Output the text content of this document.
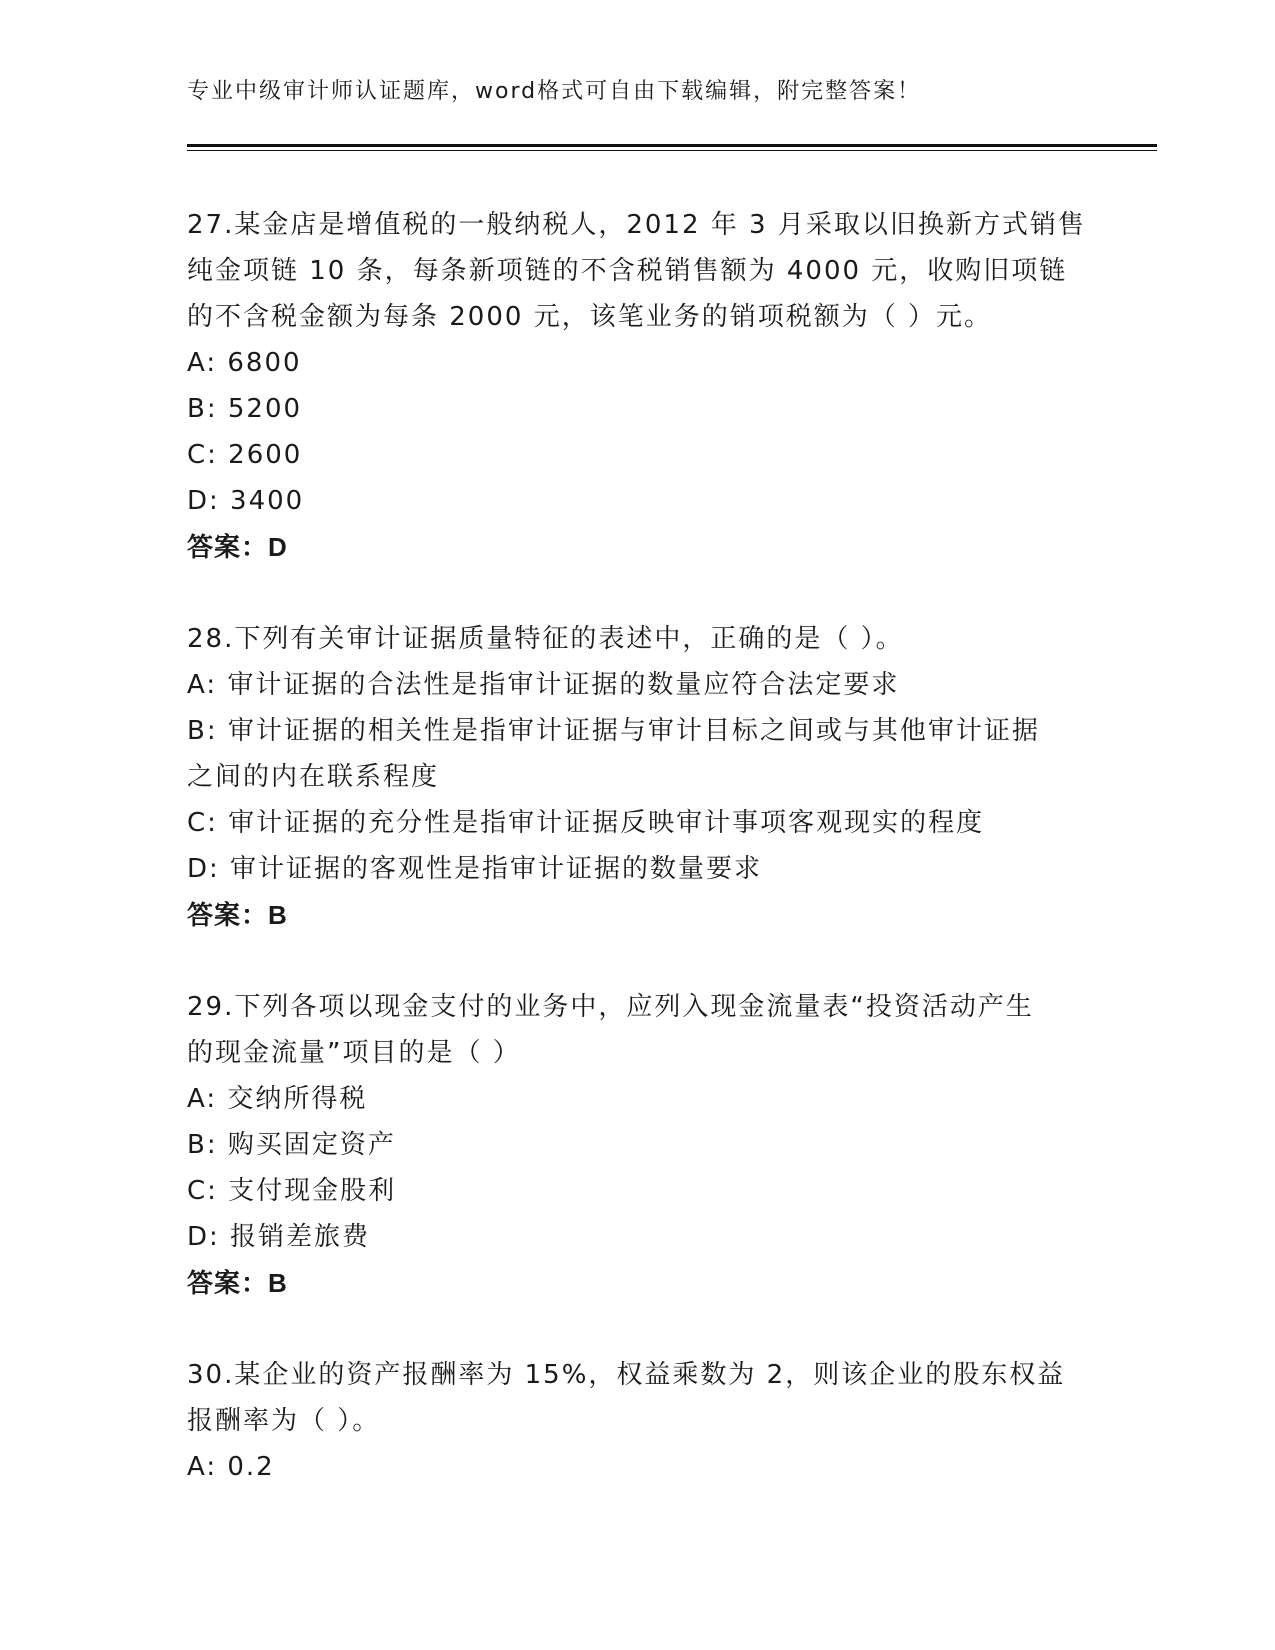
专业中级审计师认证题库，word格式可自由下载编辑，附完整答案！
27.某金店是增值税的一般纳税人，2012 年 3 月采取以旧换新方式销售
纯金项链 10 条，每条新项链的不含税销售额为 4000 元，收购旧项链
的不含税金额为每条 2000 元，该笔业务的销项税额为（ ）元。
A: 6800
B: 5200
C: 2600
D: 3400
答案：D
28.下列有关审计证据质量特征的表述中，正确的是（ ）。
A: 审计证据的合法性是指审计证据的数量应符合法定要求
B: 审计证据的相关性是指审计证据与审计目标之间或与其他审计证据
之间的内在联系程度
C: 审计证据的充分性是指审计证据反映审计事项客观现实的程度
D: 审计证据的客观性是指审计证据的数量要求
答案：B
29.下列各项以现金支付的业务中，应列入现金流量表“投资活动产生
的现金流量”项目的是（ ）
A: 交纳所得税
B: 购买固定资产
C: 支付现金股利
D: 报销差旅费
答案：B
30.某企业的资产报酬率为 15%，权益乘数为 2，则该企业的股东权益
报酬率为（ ）。
A: 0.2
